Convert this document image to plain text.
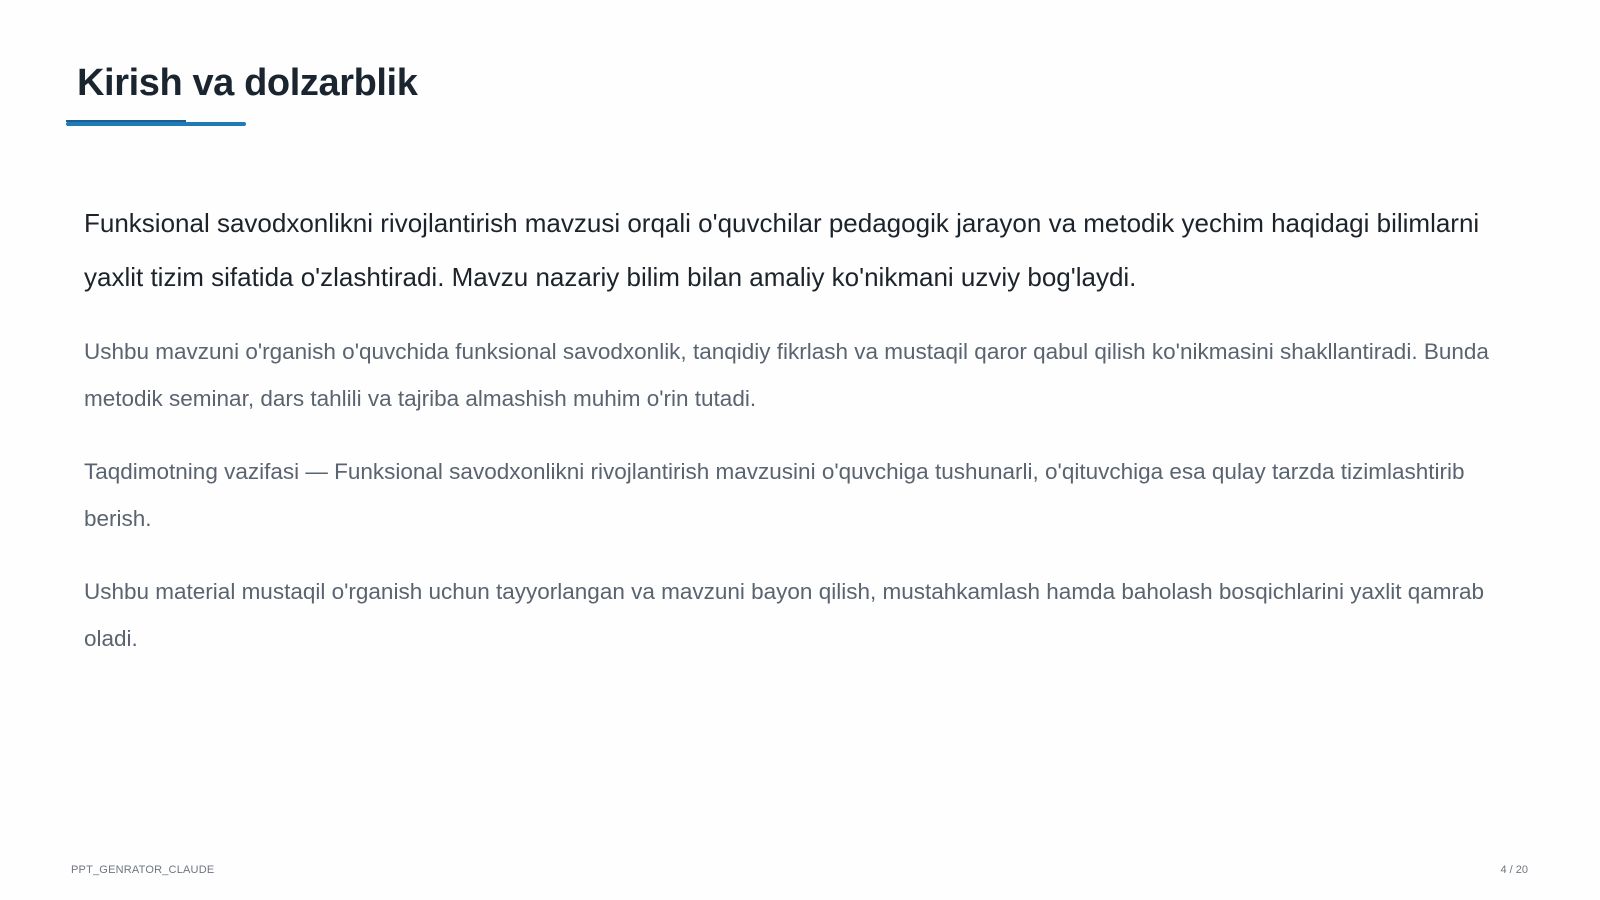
Kirish va dolzarblik

Funksional savodxonlikni rivojlantirish mavzusi orqali o'quvchilar pedagogik jarayon va metodik yechim haqidagi bilimlarni yaxlit tizim sifatida o'zlashtiradi. Mavzu nazariy bilim bilan amaliy ko'nikmani uzviy bog'laydi.

Ushbu mavzuni o'rganish o'quvchida funksional savodxonlik, tanqidiy fikrlash va mustaqil qaror qabul qilish ko'nikmasini shakllantiradi. Bunda metodik seminar, dars tahlili va tajriba almashish muhim o'rin tutadi.

Taqdimotning vazifasi — Funksional savodxonlikni rivojlantirish mavzusini o'quvchiga tushunarli, o'qituvchiga esa qulay tarzda tizimlashtirib berish.

Ushbu material mustaqil o'rganish uchun tayyorlangan va mavzuni bayon qilish, mustahkamlash hamda baholash bosqichlarini yaxlit qamrab oladi.

PPT_GENRATOR_CLAUDE	4 / 20
